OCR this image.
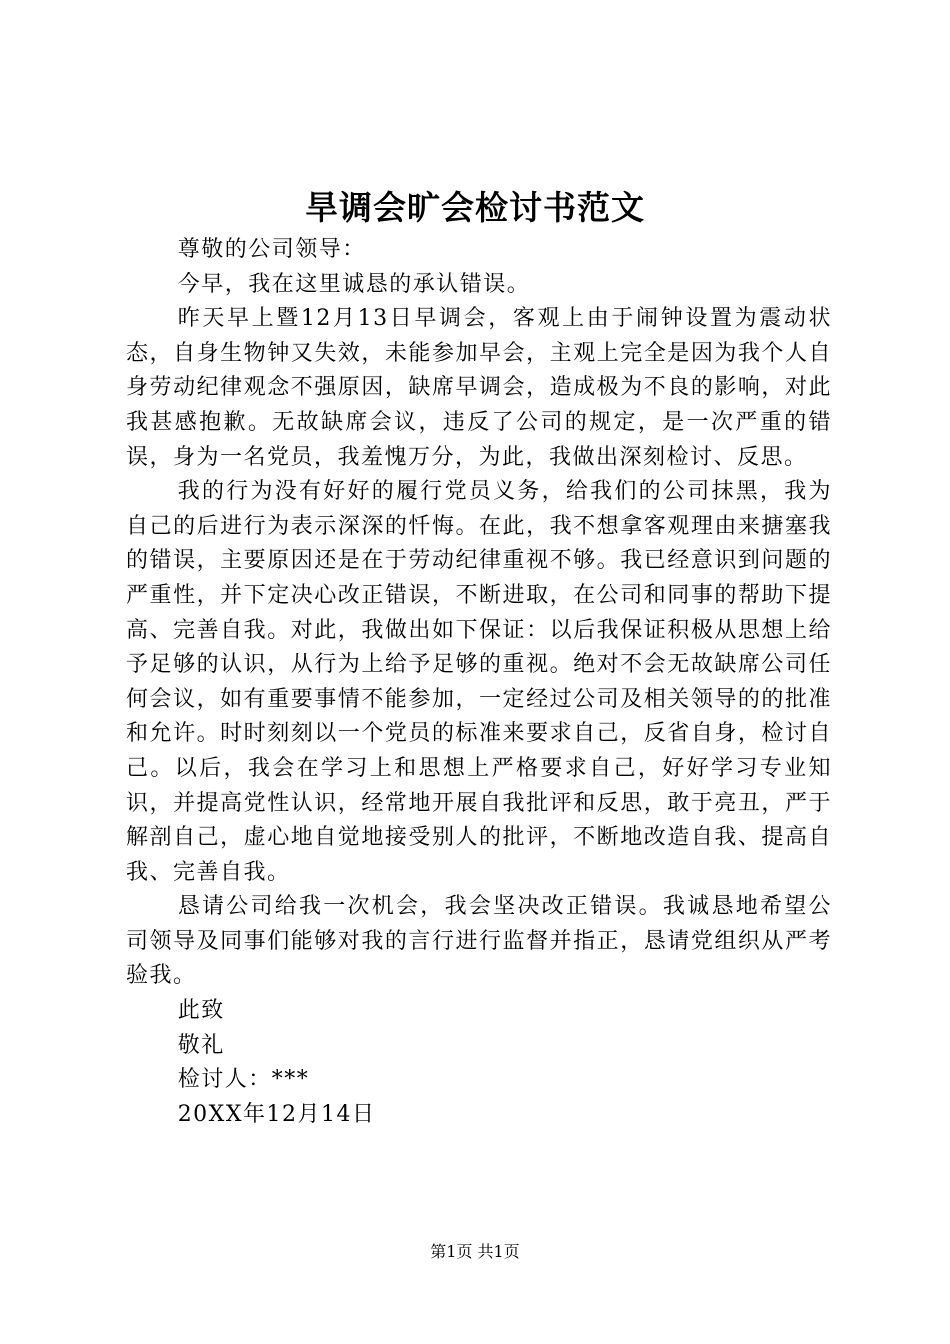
旱调会旷会检讨书范文

尊敬的公司领导：

今早，我在这里诚恳的承认错误。

昨天早上暨12月13日早调会，客观上由于闹钟设置为震动状态，自身生物钟又失效，未能参加早会，主观上完全是因为我个人自身劳动纪律观念不强原因，缺席早调会，造成极为不良的影响，对此我甚感抱歉。无故缺席会议，违反了公司的规定，是一次严重的错误，身为一名党员，我羞愧万分，为此，我做出深刻检讨、反思。

我的行为没有好好的履行党员义务，给我们的公司抹黑，我为自己的后进行为表示深深的忏悔。在此，我不想拿客观理由来搪塞我的错误，主要原因还是在于劳动纪律重视不够。我已经意识到问题的严重性，并下定决心改正错误，不断进取，在公司和同事的帮助下提高、完善自我。对此，我做出如下保证：以后我保证积极从思想上给予足够的认识，从行为上给予足够的重视。绝对不会无故缺席公司任何会议，如有重要事情不能参加，一定经过公司及相关领导的的批准和允许。时时刻刻以一个党员的标准来要求自己，反省自身，检讨自己。以后，我会在学习上和思想上严格要求自己，好好学习专业知识，并提高党性认识，经常地开展自我批评和反思，敢于亮丑，严于解剖自己，虚心地自觉地接受别人的批评，不断地改造自我、提高自我、完善自我。

恳请公司给我一次机会，我会坚决改正错误。我诚恳地希望公司领导及同事们能够对我的言行进行监督并指正，恳请党组织从严考验我。

此致

敬礼

检讨人：***

20XX年12月14日

第1页 共1页
